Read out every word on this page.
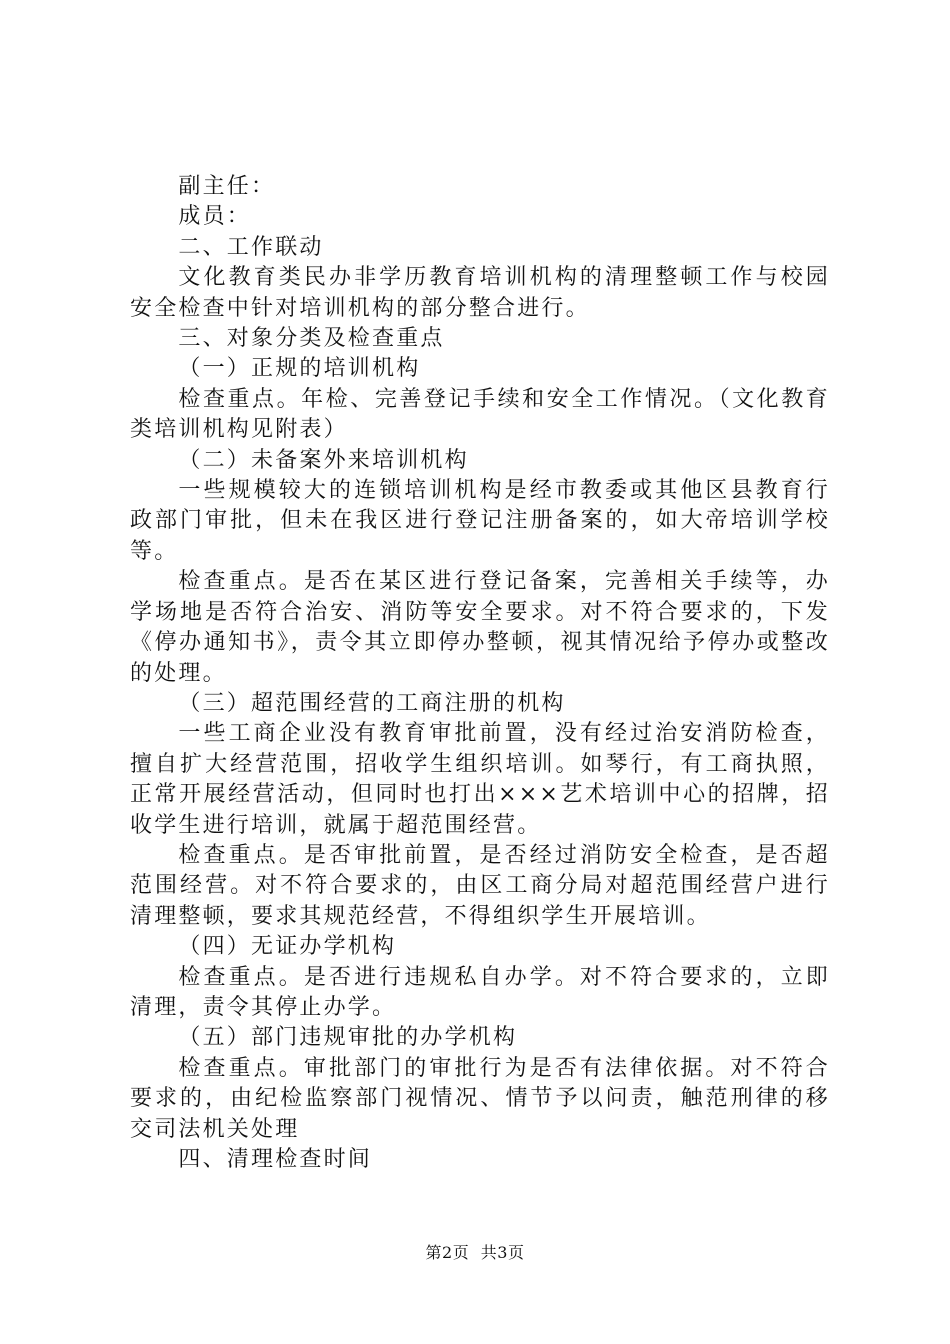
副主任：

成员：

二、工作联动

文化教育类民办非学历教育培训机构的清理整顿工作与校园安全检查中针对培训机构的部分整合进行。

三、对象分类及检查重点

（一）正规的培训机构

检查重点。年检、完善登记手续和安全工作情况。（文化教育类培训机构见附表）

（二）未备案外来培训机构

一些规模较大的连锁培训机构是经市教委或其他区县教育行政部门审批，但未在我区进行登记注册备案的，如大帝培训学校等。

检查重点。是否在某区进行登记备案，完善相关手续等，办学场地是否符合治安、消防等安全要求。对不符合要求的，下发《停办通知书》，责令其立即停办整顿，视其情况给予停办或整改的处理。

（三）超范围经营的工商注册的机构

一些工商企业没有教育审批前置，没有经过治安消防检查，擅自扩大经营范围，招收学生组织培训。如琴行，有工商执照，正常开展经营活动，但同时也打出×××艺术培训中心的招牌，招收学生进行培训，就属于超范围经营。

检查重点。是否审批前置，是否经过消防安全检查，是否超范围经营。对不符合要求的，由区工商分局对超范围经营户进行清理整顿，要求其规范经营，不得组织学生开展培训。

（四）无证办学机构

检查重点。是否进行违规私自办学。对不符合要求的，立即清理，责令其停止办学。

（五）部门违规审批的办学机构

检查重点。审批部门的审批行为是否有法律依据。对不符合要求的，由纪检监察部门视情况、情节予以问责，触范刑律的移交司法机关处理

四、清理检查时间

第2页 共3页
